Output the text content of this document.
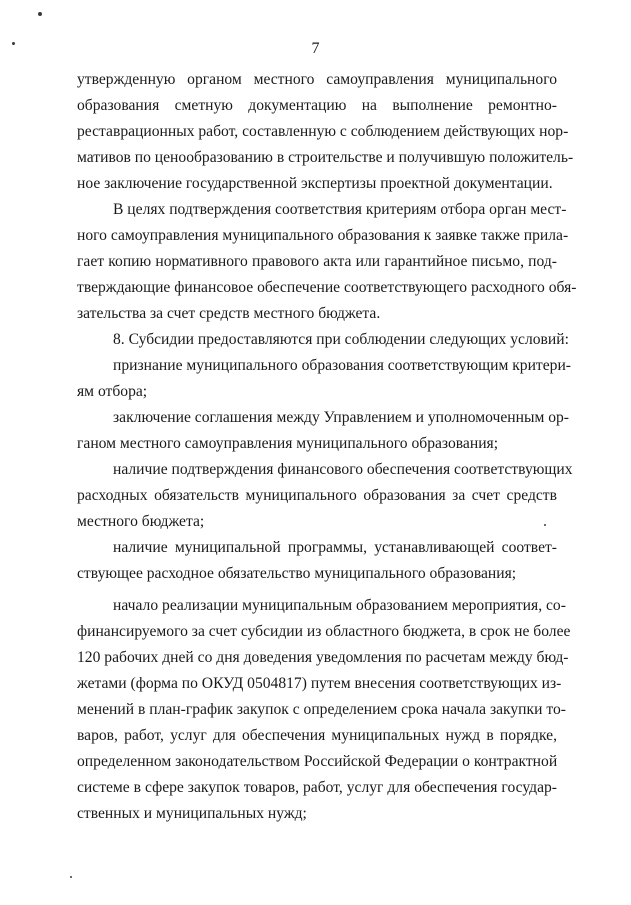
7
утвержденную органом местного самоуправления муниципального
образования сметную документацию на выполнение ремонтно-
реставрационных работ, составленную с соблюдением действующих нор-
мативов по ценообразованию в строительстве и получившую положитель-
ное заключение государственной экспертизы проектной документации.
В целях подтверждения соответствия критериям отбора орган мест-
ного самоуправления муниципального образования к заявке также прила-
гает копию нормативного правового акта или гарантийное письмо, под-
тверждающие финансовое обеспечение соответствующего расходного обя-
зательства за счет средств местного бюджета.
8. Субсидии предоставляются при соблюдении следующих условий:
признание муниципального образования соответствующим критери-
ям отбора;
заключение соглашения между Управлением и уполномоченным ор-
ганом местного самоуправления муниципального образования;
наличие подтверждения финансового обеспечения соответствующих
расходных обязательств муниципального образования за счет средств
местного бюджета;
наличие муниципальной программы, устанавливающей соответ-
ствующее расходное обязательство муниципального образования;
начало реализации муниципальным образованием мероприятия, со-
финансируемого за счет субсидии из областного бюджета, в срок не более
120 рабочих дней со дня доведения уведомления по расчетам между бюд-
жетами (форма по ОКУД 0504817) путем внесения соответствующих из-
менений в план-график закупок с определением срока начала закупки то-
варов, работ, услуг для обеспечения муниципальных нужд в порядке,
определенном законодательством Российской Федерации о контрактной
системе в сфере закупок товаров, работ, услуг для обеспечения государ-
ственных и муниципальных нужд;
